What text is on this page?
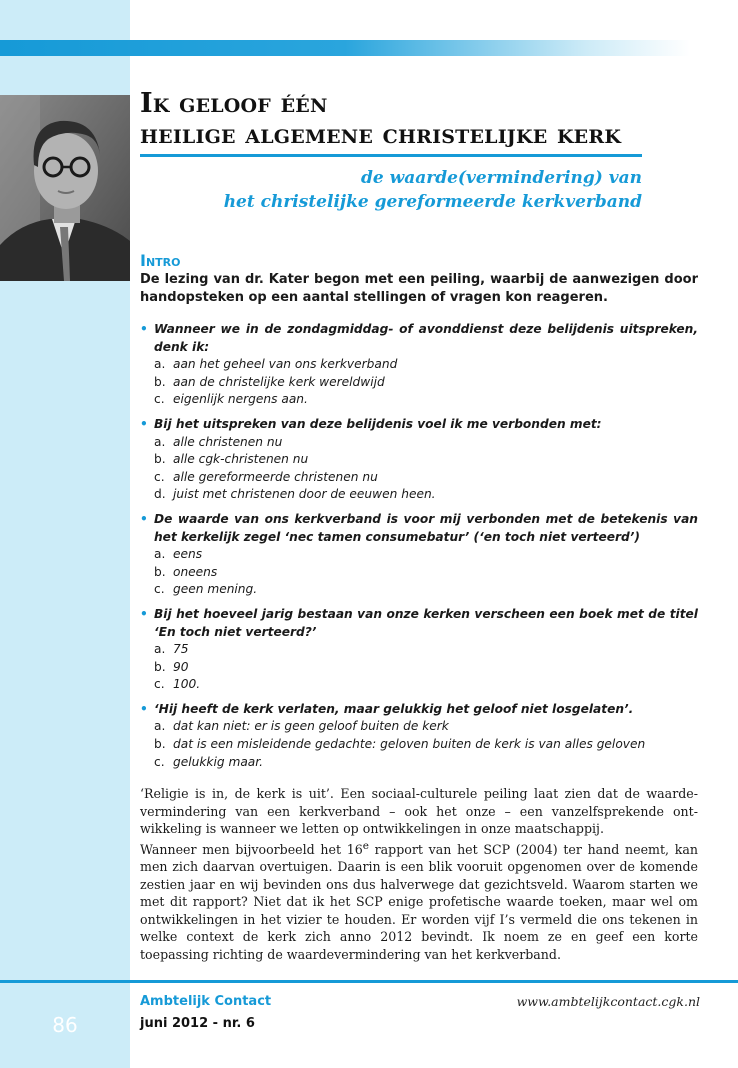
Ik geloof één
heilige algemene christelijke kerk
de waarde(vermindering) van
het christelijke gereformeerde kerkverband
Intro

De lezing van dr. Kater begon met een peiling, waarbij de aanwezigen door handopsteken op een aantal stellingen of vragen kon reageren.

• Wanneer we in de zondagmiddag- of avonddienst deze belijdenis uitspreken, denk ik:
a. aan het geheel van ons kerkverband
b. aan de christelijke kerk wereldwijd
c. eigenlijk nergens aan.
• Bij het uitspreken van deze belijdenis voel ik me verbonden met:
a. alle christenen nu
b. alle cgk-christenen nu
c. alle gereformeerde christenen nu
d. juist met christenen door de eeuwen heen.
• De waarde van ons kerkverband is voor mij verbonden met de betekenis van het kerkelijk zegel ‘nec tamen consumebatur’ (‘en toch niet verteerd’)
a. eens
b. oneens
c. geen mening.
• Bij het hoeveel jarig bestaan van onze kerken verscheen een boek met de titel ‘En toch niet verteerd?’
a. 75
b. 90
c. 100.
• ‘Hij heeft de kerk verlaten, maar gelukkig het geloof niet losgelaten’.
a. dat kan niet: er is geen geloof buiten de kerk
b. dat is een misleidende gedachte: geloven buiten de kerk is van alles geloven
c. gelukkig maar.

‘Religie is in, de kerk is uit’. Een sociaal-culturele peiling laat zien dat de waardevermindering van een kerkverband – ook het onze – een vanzelfsprekende ontwikkeling is wanneer we letten op ontwikkelingen in onze maatschappij.
Wanneer men bijvoorbeeld het 16e rapport van het SCP (2004) ter hand neemt, kan men zich daarvan overtuigen. Daarin is een blik vooruit opgenomen over de komende zestien jaar en wij bevinden ons dus halverwege dat gezichtsveld. Waarom starten we met dit rapport? Niet dat ik het SCP enige profetische waarde toeken, maar wel om ontwikkelingen in het vizier te houden. Er worden vijf I’s vermeld die ons tekenen in welke context de kerk zich anno 2012 bevindt. Ik noem ze en geef een korte toepassing richting de waardevermindering van het kerkverband.

86
Ambtelijk Contact
juni 2012 - nr. 6
www.ambtelijkcontact.cgk.nl
